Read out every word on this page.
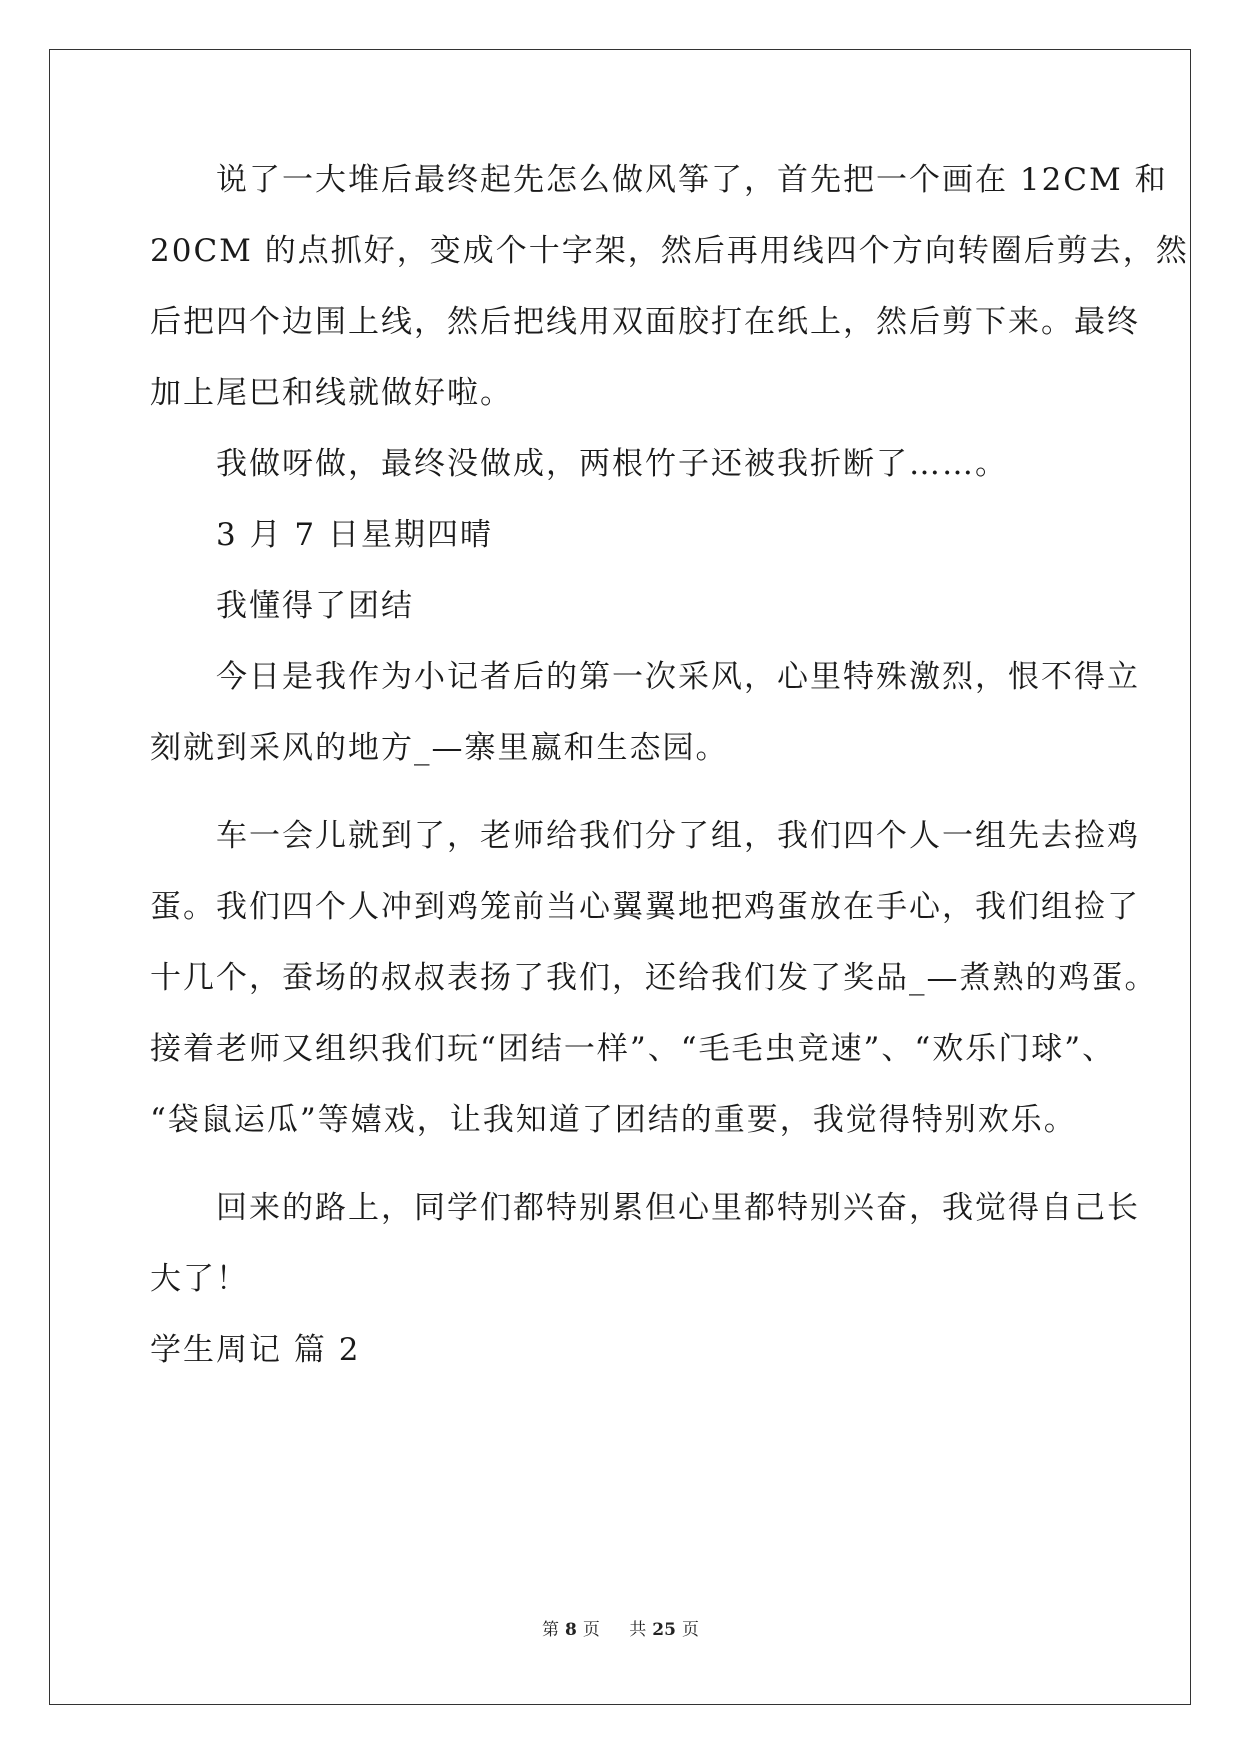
　　说了一大堆后最终起先怎么做风筝了，首先把一个画在 12CM 和
20CM 的点抓好，变成个十字架，然后再用线四个方向转圈后剪去，然
后把四个边围上线，然后把线用双面胶打在纸上，然后剪下来。最终
加上尾巴和线就做好啦。
　　我做呀做，最终没做成，两根竹子还被我折断了……。
　　3 月 7 日星期四晴
　　我懂得了团结
　　今日是我作为小记者后的第一次采风，心里特殊激烈，恨不得立
刻就到采风的地方_—寨里嬴和生态园。
　　车一会儿就到了，老师给我们分了组，我们四个人一组先去捡鸡
蛋。我们四个人冲到鸡笼前当心翼翼地把鸡蛋放在手心，我们组捡了
十几个，蚕场的叔叔表扬了我们，还给我们发了奖品_—煮熟的鸡蛋。
接着老师又组织我们玩“团结一样”、“毛毛虫竞速”、“欢乐门球”、
“袋鼠运瓜”等嬉戏，让我知道了团结的重要，我觉得特别欢乐。
　　回来的路上，同学们都特别累但心里都特别兴奋，我觉得自己长
大了！
学生周记 篇 2
第 8 页 共 25 页
